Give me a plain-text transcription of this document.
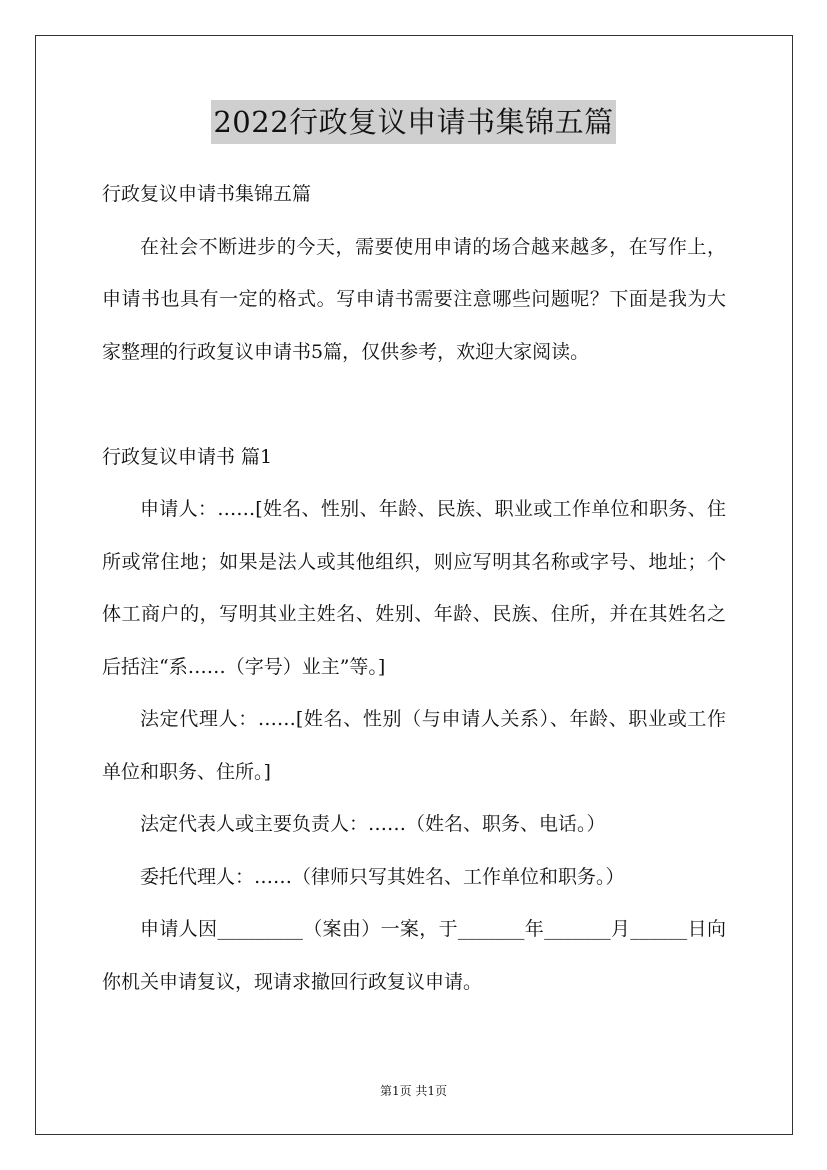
2022行政复议申请书集锦五篇

行政复议申请书集锦五篇

在社会不断进步的今天，需要使用申请的场合越来越多，在写作上，申请书也具有一定的格式。写申请书需要注意哪些问题呢？下面是我为大家整理的行政复议申请书5篇，仅供参考，欢迎大家阅读。

行政复议申请书 篇1

申请人：……[姓名、性别、年龄、民族、职业或工作单位和职务、住所或常住地；如果是法人或其他组织，则应写明其名称或字号、地址；个体工商户的，写明其业主姓名、姓别、年龄、民族、住所，并在其姓名之后括注“系……（字号）业主”等。]

法定代理人：……[姓名、性别（与申请人关系）、年龄、职业或工作单位和职务、住所。]

法定代表人或主要负责人：……（姓名、职务、电话。）

委托代理人：……（律师只写其姓名、工作单位和职务。）

申请人因_________（案由）一案，于_______年_______月______日向你机关申请复议，现请求撤回行政复议申请。

第1页 共1页
